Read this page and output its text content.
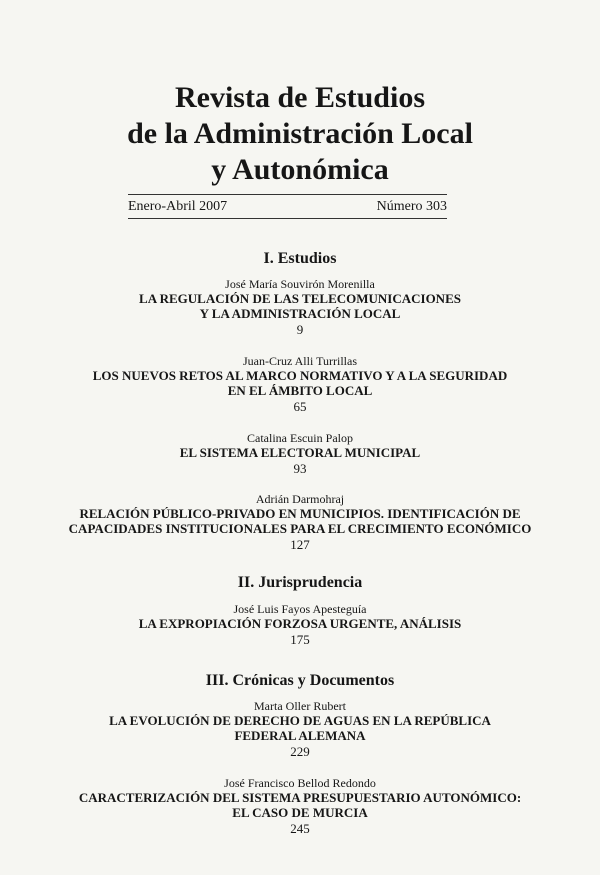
Revista de Estudios
de la Administración Local
y Autonómica
Enero-Abril 2007	Número 303
I. Estudios
José María Souvirón Morenilla
LA REGULACIÓN DE LAS TELECOMUNICACIONES
Y LA ADMINISTRACIÓN LOCAL
9
Juan-Cruz Alli Turrillas
LOS NUEVOS RETOS AL MARCO NORMATIVO Y A LA SEGURIDAD
EN EL ÁMBITO LOCAL
65
Catalina Escuin Palop
EL SISTEMA ELECTORAL MUNICIPAL
93
Adrián Darmohraj
RELACIÓN PÚBLICO-PRIVADO EN MUNICIPIOS. IDENTIFICACIÓN DE
CAPACIDADES INSTITUCIONALES PARA EL CRECIMIENTO ECONÓMICO
127
II. Jurisprudencia
José Luis Fayos Apesteguía
LA EXPROPIACIÓN FORZOSA URGENTE, ANÁLISIS
175
III. Crónicas y Documentos
Marta Oller Rubert
LA EVOLUCIÓN DE DERECHO DE AGUAS EN LA REPÚBLICA
FEDERAL ALEMANA
229
José Francisco Bellod Redondo
CARACTERIZACIÓN DEL SISTEMA PRESUPUESTARIO AUTONÓMICO:
EL CASO DE MURCIA
245
